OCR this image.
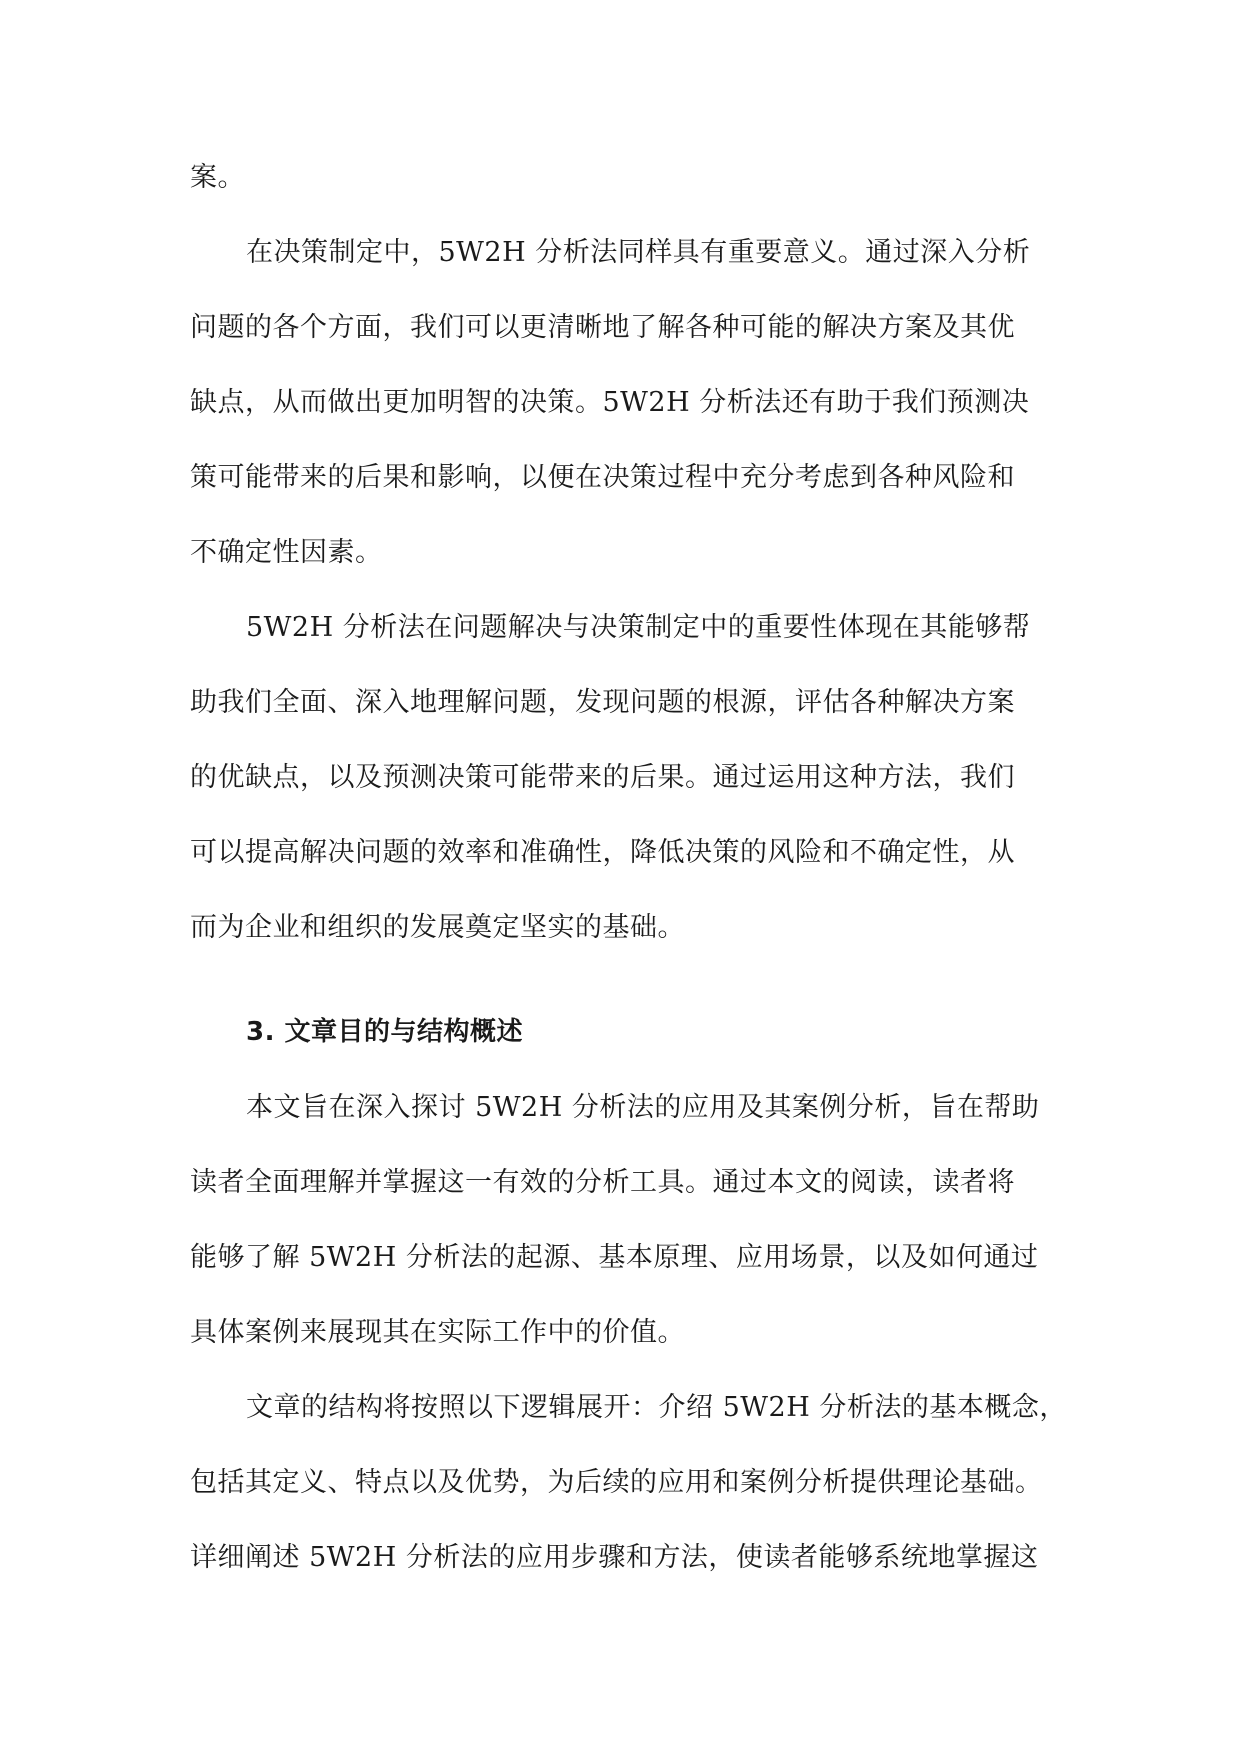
案。
在决策制定中，5W2H 分析法同样具有重要意义。通过深入分析
问题的各个方面，我们可以更清晰地了解各种可能的解决方案及其优
缺点，从而做出更加明智的决策。5W2H 分析法还有助于我们预测决
策可能带来的后果和影响，以便在决策过程中充分考虑到各种风险和
不确定性因素。
5W2H 分析法在问题解决与决策制定中的重要性体现在其能够帮
助我们全面、深入地理解问题，发现问题的根源，评估各种解决方案
的优缺点，以及预测决策可能带来的后果。通过运用这种方法，我们
可以提高解决问题的效率和准确性，降低决策的风险和不确定性，从
而为企业和组织的发展奠定坚实的基础。
3. 文章目的与结构概述
本文旨在深入探讨 5W2H 分析法的应用及其案例分析，旨在帮助
读者全面理解并掌握这一有效的分析工具。通过本文的阅读，读者将
能够了解 5W2H 分析法的起源、基本原理、应用场景，以及如何通过
具体案例来展现其在实际工作中的价值。
文章的结构将按照以下逻辑展开：介绍 5W2H 分析法的基本概念，
包括其定义、特点以及优势，为后续的应用和案例分析提供理论基础。
详细阐述 5W2H 分析法的应用步骤和方法，使读者能够系统地掌握这
